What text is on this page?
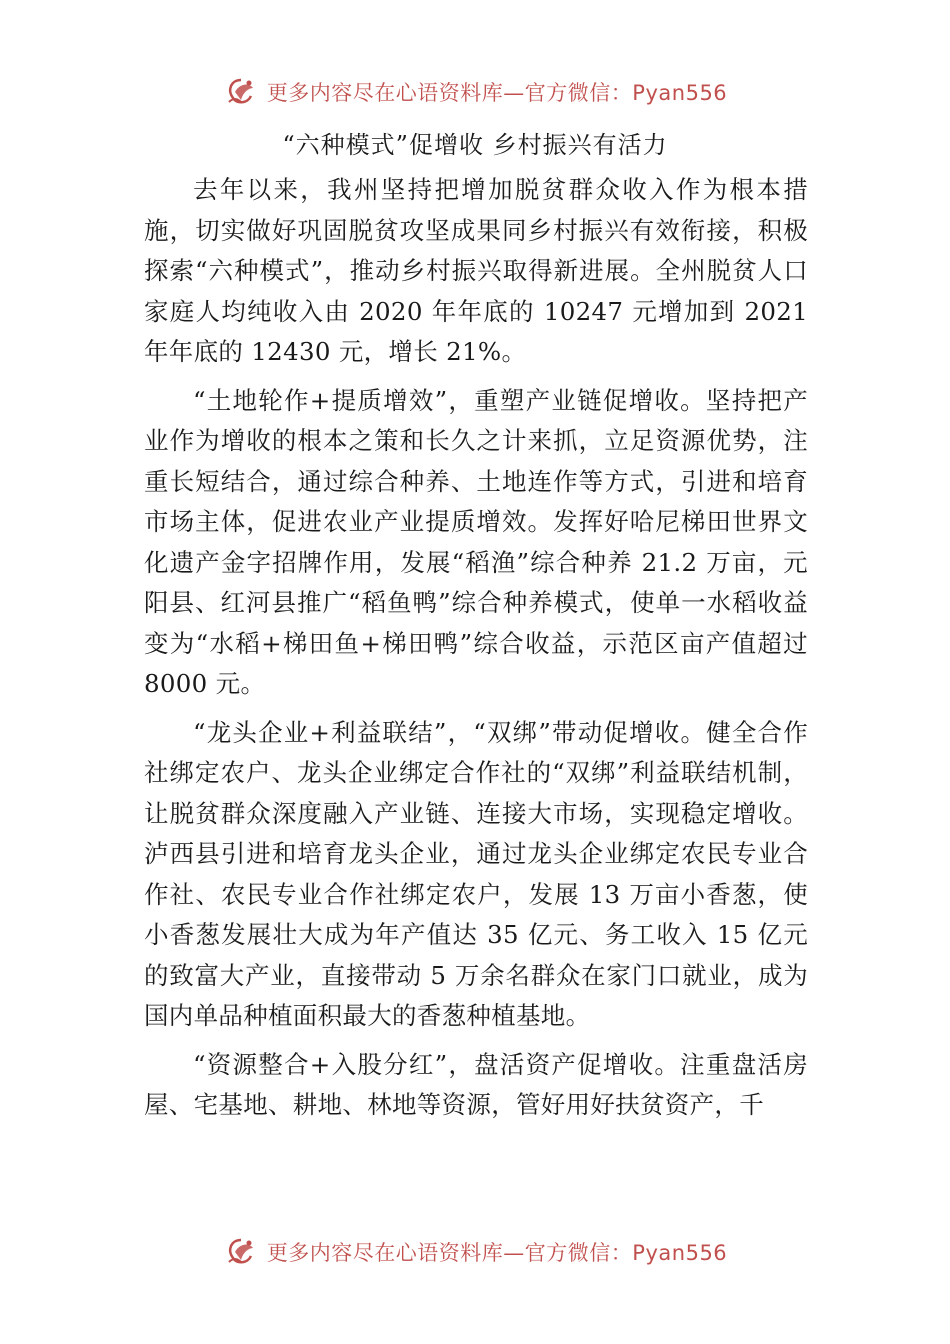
更多内容尽在心语资料库—官方微信：Pyan556
“六种模式”促增收 乡村振兴有活力

去年以来，我州坚持把增加脱贫群众收入作为根本措施，切实做好巩固脱贫攻坚成果同乡村振兴有效衔接，积极探索“六种模式”，推动乡村振兴取得新进展。全州脱贫人口家庭人均纯收入由 2020 年年底的 10247 元增加到 2021 年年底的 12430 元，增长 21%。

“土地轮作+提质增效”，重塑产业链促增收。坚持把产业作为增收的根本之策和长久之计来抓，立足资源优势，注重长短结合，通过综合种养、土地连作等方式，引进和培育市场主体，促进农业产业提质增效。发挥好哈尼梯田世界文化遗产金字招牌作用，发展“稻渔”综合种养 21.2 万亩，元阳县、红河县推广“稻鱼鸭”综合种养模式，使单一水稻收益变为“水稻+梯田鱼+梯田鸭”综合收益，示范区亩产值超过 8000 元。

“龙头企业+利益联结”，“双绑”带动促增收。健全合作社绑定农户、龙头企业绑定合作社的“双绑”利益联结机制，让脱贫群众深度融入产业链、连接大市场，实现稳定增收。泸西县引进和培育龙头企业，通过龙头企业绑定农民专业合作社、农民专业合作社绑定农户，发展 13 万亩小香葱，使小香葱发展壮大成为年产值达 35 亿元、务工收入 15 亿元的致富大产业，直接带动 5 万余名群众在家门口就业，成为国内单品种植面积最大的香葱种植基地。

“资源整合+入股分红”，盘活资产促增收。注重盘活房屋、宅基地、耕地、林地等资源，管好用好扶贫资产，千

更多内容尽在心语资料库—官方微信：Pyan556
